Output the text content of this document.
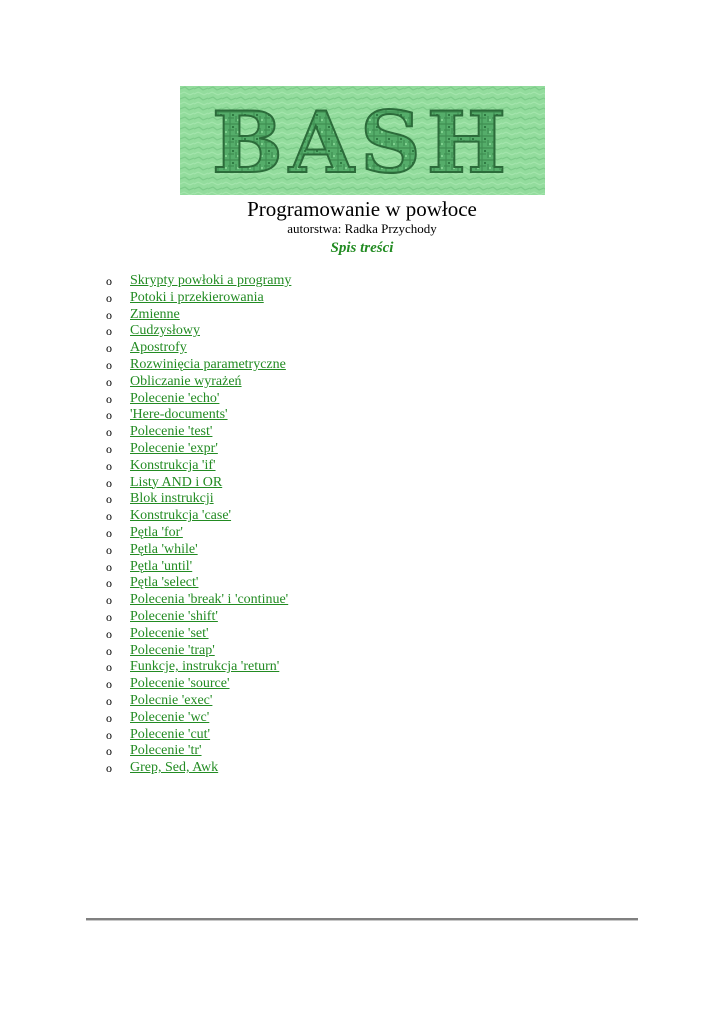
BASH
Programowanie w powłoce
autorstwa: Radka Przychody
Spis treści
o Skrypty powłoki a programy
o Potoki i przekierowania
o Zmienne
o Cudzysłowy
o Apostrofy
o Rozwinięcia parametryczne
o Obliczanie wyrażeń
o Polecenie 'echo'
o 'Here-documents'
o Polecenie 'test'
o Polecenie 'expr'
o Konstrukcja 'if'
o Listy AND i OR
o Blok instrukcji
o Konstrukcja 'case'
o Pętla 'for'
o Pętla 'while'
o Pętla 'until'
o Pętla 'select'
o Polecenia 'break' i 'continue'
o Polecenie 'shift'
o Polecenie 'set'
o Polecenie 'trap'
o Funkcje, instrukcja 'return'
o Polecenie 'source'
o Polecnie 'exec'
o Polecenie 'wc'
o Polecenie 'cut'
o Polecenie 'tr'
o Grep, Sed, Awk
